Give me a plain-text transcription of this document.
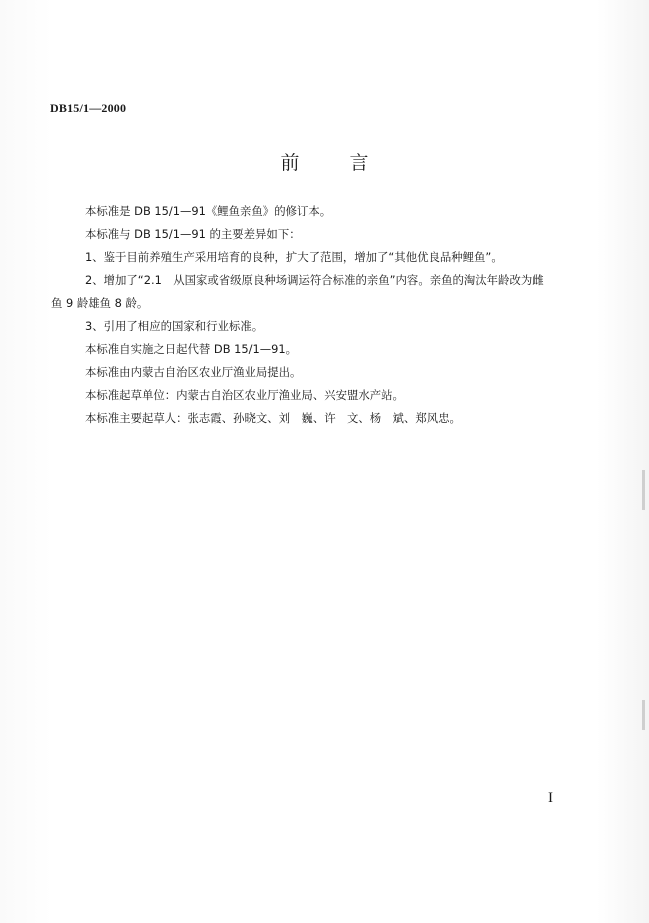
DB15/1—2000
前 言

本标准是 DB 15/1—91《鲤鱼亲鱼》的修订本。

本标准与 DB 15/1—91 的主要差异如下：

1、鉴于目前养殖生产采用培育的良种，扩大了范围，增加了“其他优良品种鲤鱼”。

2、增加了“2.1　从国家或省级原良种场调运符合标准的亲鱼”内容。亲鱼的淘汰年龄改为雌

鱼 9 龄雄鱼 8 龄。

3、引用了相应的国家和行业标准。

本标准自实施之日起代替 DB 15/1—91。

本标准由内蒙古自治区农业厅渔业局提出。

本标准起草单位：内蒙古自治区农业厅渔业局、兴安盟水产站。

本标准主要起草人：张志霞、孙晓文、刘　巍、许　文、杨　斌、郑风忠。

I
